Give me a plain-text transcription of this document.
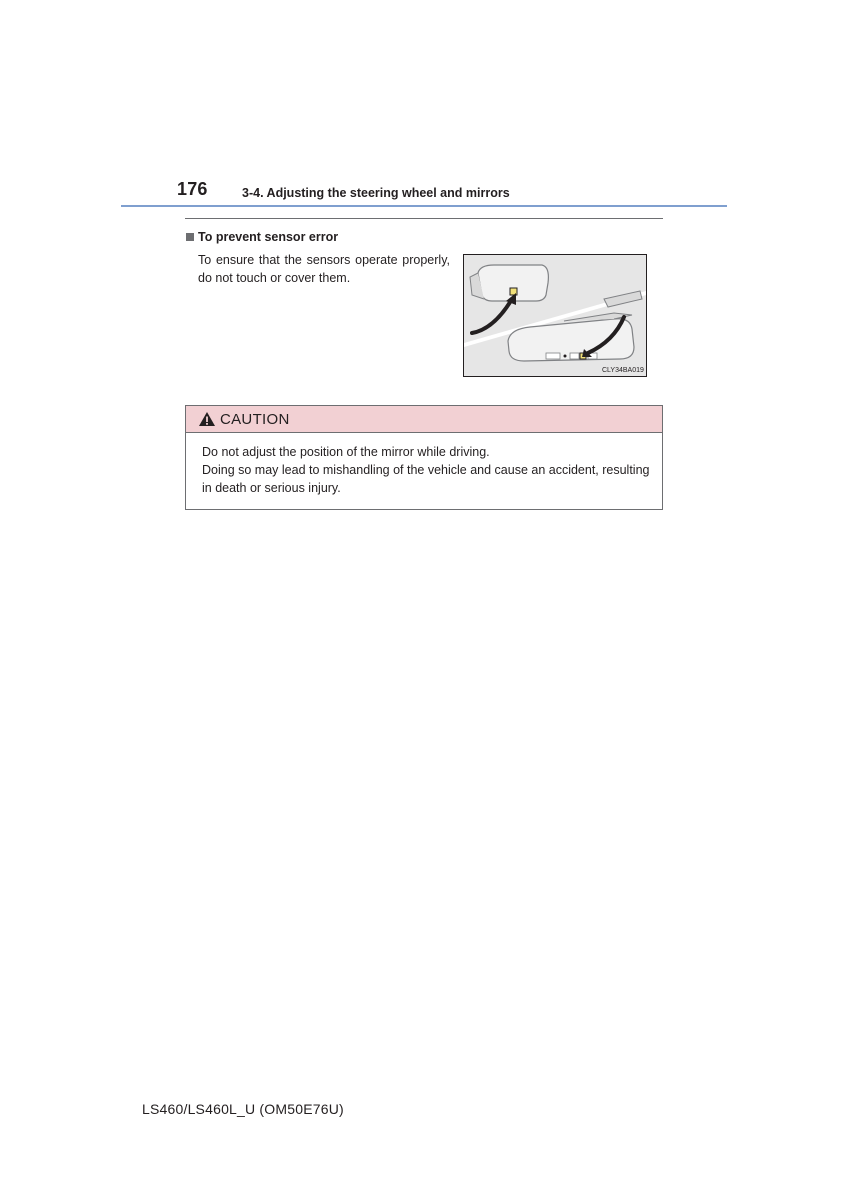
176	3-4. Adjusting the steering wheel and mirrors
To prevent sensor error
To ensure that the sensors operate properly, do not touch or cover them.
CLY34BA019
CAUTION

Do not adjust the position of the mirror while driving.

Doing so may lead to mishandling of the vehicle and cause an accident, resulting in death or serious injury.

LS460/LS460L_U (OM50E76U)
